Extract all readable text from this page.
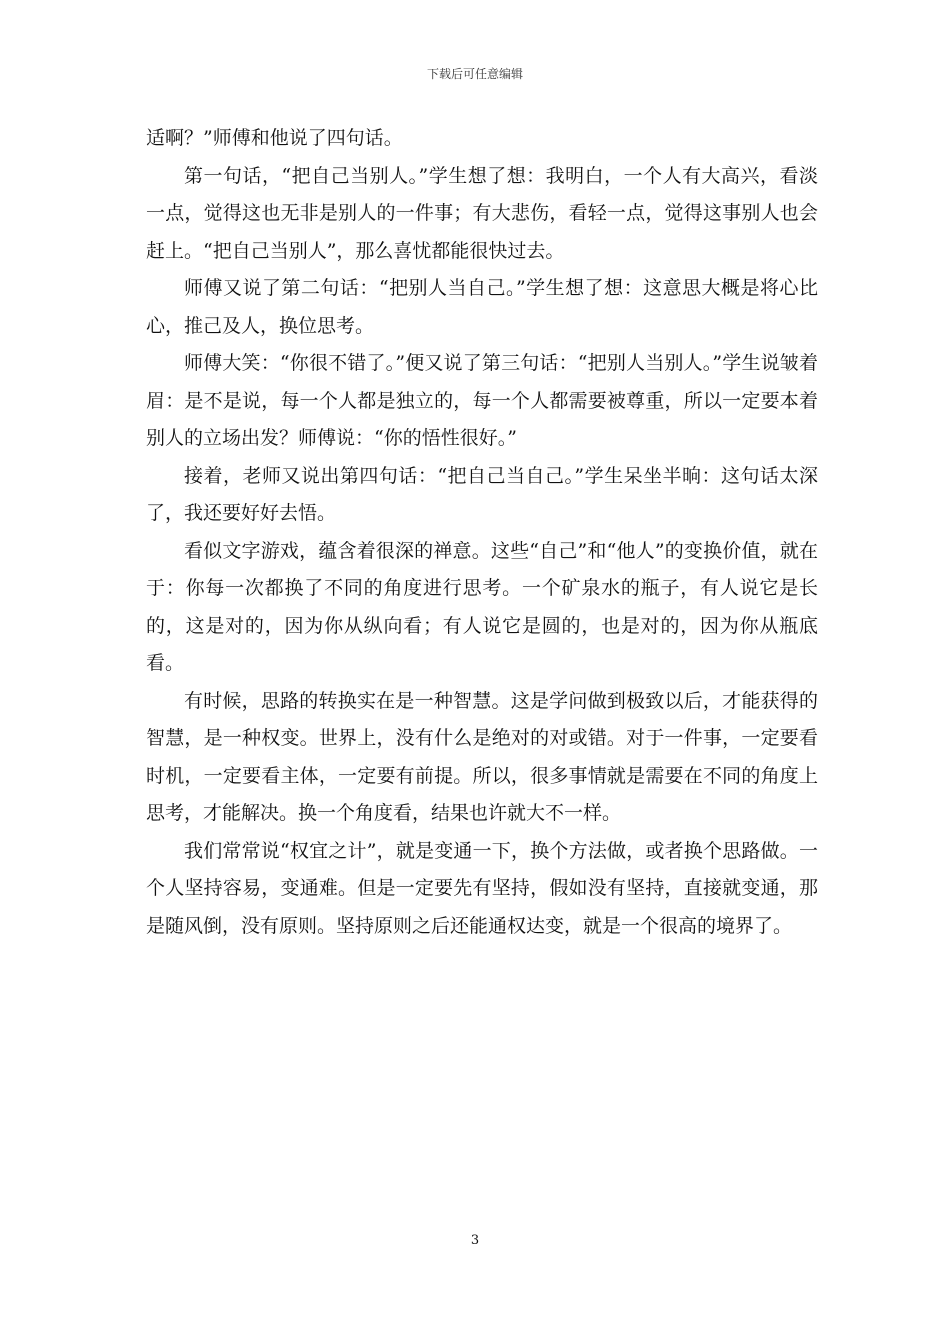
下载后可任意编辑

适啊？”师傅和他说了四句话。

第一句话，“把自己当别人。”学生想了想：我明白，一个人有大高兴，看淡一点，觉得这也无非是别人的一件事；有大悲伤，看轻一点，觉得这事别人也会赶上。“把自己当别人”，那么喜忧都能很快过去。

师傅又说了第二句话：“把别人当自己。”学生想了想：这意思大概是将心比心，推己及人，换位思考。

师傅大笑：“你很不错了。”便又说了第三句话：“把别人当别人。”学生说皱着眉：是不是说，每一个人都是独立的，每一个人都需要被尊重，所以一定要本着别人的立场出发？师傅说：“你的悟性很好。”

接着，老师又说出第四句话：“把自己当自己。”学生呆坐半晌：这句话太深了，我还要好好去悟。

看似文字游戏，蕴含着很深的禅意。这些“自己”和“他人”的变换价值，就在于：你每一次都换了不同的角度进行思考。一个矿泉水的瓶子，有人说它是长的，这是对的，因为你从纵向看；有人说它是圆的，也是对的，因为你从瓶底看。

有时候，思路的转换实在是一种智慧。这是学问做到极致以后，才能获得的智慧，是一种权变。世界上，没有什么是绝对的对或错。对于一件事，一定要看时机，一定要看主体，一定要有前提。所以，很多事情就是需要在不同的角度上思考，才能解决。换一个角度看，结果也许就大不一样。

我们常常说“权宜之计”，就是变通一下，换个方法做，或者换个思路做。一个人坚持容易，变通难。但是一定要先有坚持，假如没有坚持，直接就变通，那是随风倒，没有原则。坚持原则之后还能通权达变，就是一个很高的境界了。

3
